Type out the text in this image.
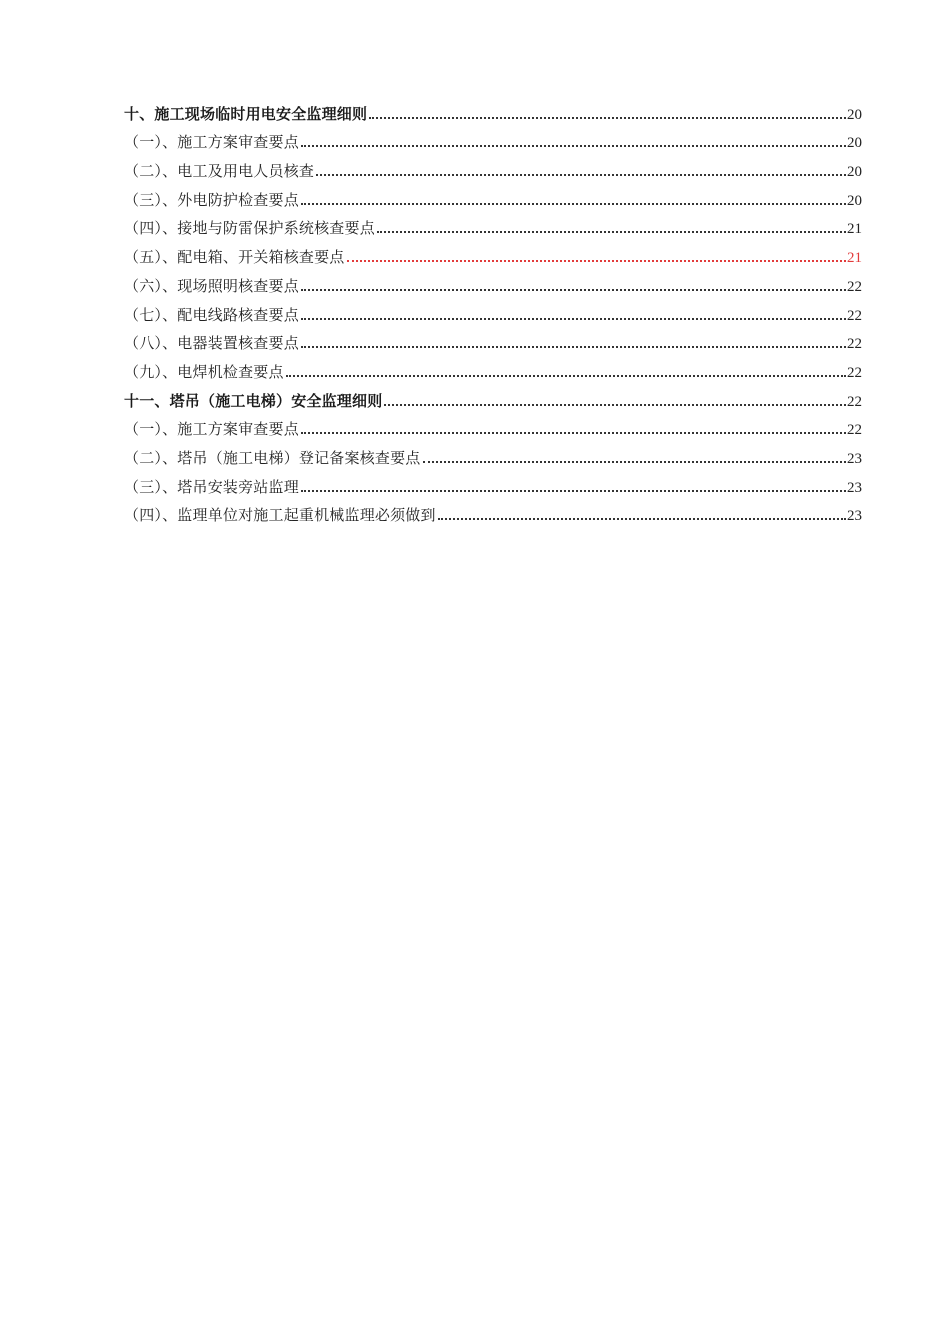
十、施工现场临时用电安全监理细则	20
（一）、施工方案审查要点	20
（二）、电工及用电人员核查	20
（三）、外电防护检查要点	20
（四）、接地与防雷保护系统核查要点	21
（五）、配电箱、开关箱核查要点	21
（六）、现场照明核查要点	22
（七）、配电线路核查要点	22
（八）、电器装置核查要点	22
（九）、电焊机检查要点	22
十一、塔吊（施工电梯）安全监理细则	22
（一）、施工方案审查要点	22
（二）、塔吊（施工电梯）登记备案核查要点	23
（三）、塔吊安装旁站监理	23
（四）、监理单位对施工起重机械监理必须做到	23
